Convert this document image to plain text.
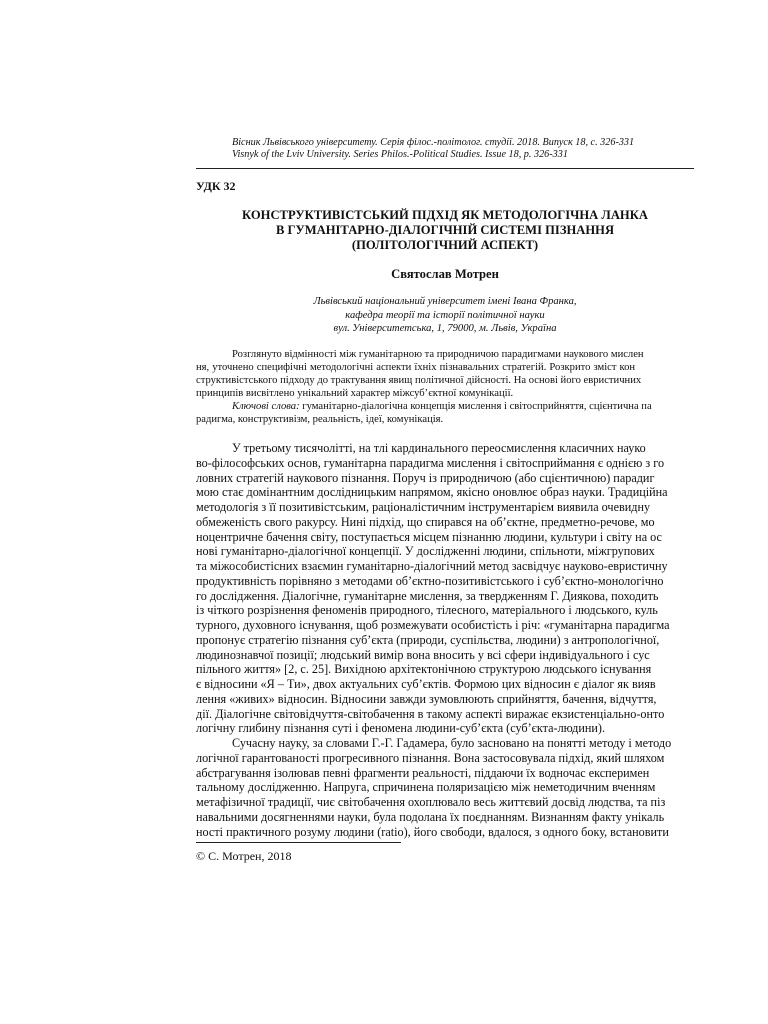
Вісник Львівського університету. Серія філос.-політолог. студії. 2018. Випуск 18, с. 326-331
Visnyk of the Lviv University. Series Philos.-Political Studies. Issue 18, p. 326-331
УДК 32
КОНСТРУКТИВІСТСЬКИЙ ПІДХІД ЯК МЕТОДОЛОГІЧНА ЛАНКА
В ГУМАНІТАРНО-ДІАЛОГІЧНІЙ СИСТЕМІ ПІЗНАННЯ
(ПОЛІТОЛОГІЧНИЙ АСПЕКТ)
Святослав Мотрен
Львівський національний університет імені Івана Франка,
кафедра теорії та історії політичної науки
вул. Університетська, 1, 79000, м. Львів, Україна
Розглянуто відмінності між гуманітарною та природничою парадигмами наукового мислен
ня, уточнено специфічні методологічні аспекти їхніх пізнавальних стратегій. Розкрито зміст кон
структивістського підходу до трактування явищ політичної дійсності. На основі його евристичних
принципів висвітлено унікальний характер міжсуб’єктної комунікації.
Ключові слова: гуманітарно-діалогічна концепція мислення і світосприйняття, сцієнтична па
радигма, конструктивізм, реальність, ідеї, комунікація.
У третьому тисячолітті, на тлі кардинального переосмислення класичних науко
во-філософських основ, гуманітарна парадигма мислення і світосприймання є однією з го
ловних стратегій наукового пізнання. Поруч із природничою (або сцієнтичною) парадиг
мою стає домінантним дослідницьким напрямом, якісно оновлює образ науки. Традиційна
методологія з її позитивістським, раціоналістичним інструментарієм виявила очевидну
обмеженість свого ракурсу. Нині підхід, що спирався на об’єктне, предметно-речове, мо
ноцентричне бачення світу, поступається місцем пізнанню людини, культури і світу на ос
нові гуманітарно-діалогічної концепції. У дослідженні людини, спільноти, міжгрупових
та міжособистісних взаємин гуманітарно-діалогічний метод засвідчує науково-евристичну
продуктивність порівняно з методами об’єктно-позитивістського і суб’єктно-монологічно
го дослідження. Діалогічне, гуманітарне мислення, за твердженням Г. Диякова, походить
із чіткого розрізнення феноменів природного, тілесного, матеріального і людського, куль
турного, духовного існування, щоб розмежувати особистість і річ: «гуманітарна парадигма
пропонує стратегію пізнання суб’єкта (природи, суспільства, людини) з антропологічної,
людинознавчої позиції; людський вимір вона вносить у всі сфери індивідуального і сус
пільного життя» [2, с. 25]. Вихідною архітектонічною структурою людського існування
є відносини «Я – Ти», двох актуальних суб’єктів. Формою цих відносин є діалог як вияв
лення «живих» відносин. Відносини завжди зумовлюють сприйняття, бачення, відчуття,
дії. Діалогічне світовідчуття-світобачення в такому аспекті виражає екзистенціально-онто
логічну глибину пізнання суті і феномена людини-суб’єкта (суб’єкта-людини).
Сучасну науку, за словами Г.-Г. Гадамера, було засновано на понятті методу і методо
логічної гарантованості прогресивного пізнання. Вона застосовувала підхід, який шляхом
абстрагування ізолював певні фрагменти реальності, піддаючи їх водночас експеримен
тальному дослідженню. Напруга, спричинена поляризацією між неметодичним вченням
метафізичної традиції, чиє світобачення охоплювало весь життєвий досвід людства, та піз
навальними досягненнями науки, була подолана їх поєднанням. Визнанням факту унікаль
ності практичного розуму людини (ratio), його свободи, вдалося, з одного боку, встановити
© С. Мотрен, 2018
